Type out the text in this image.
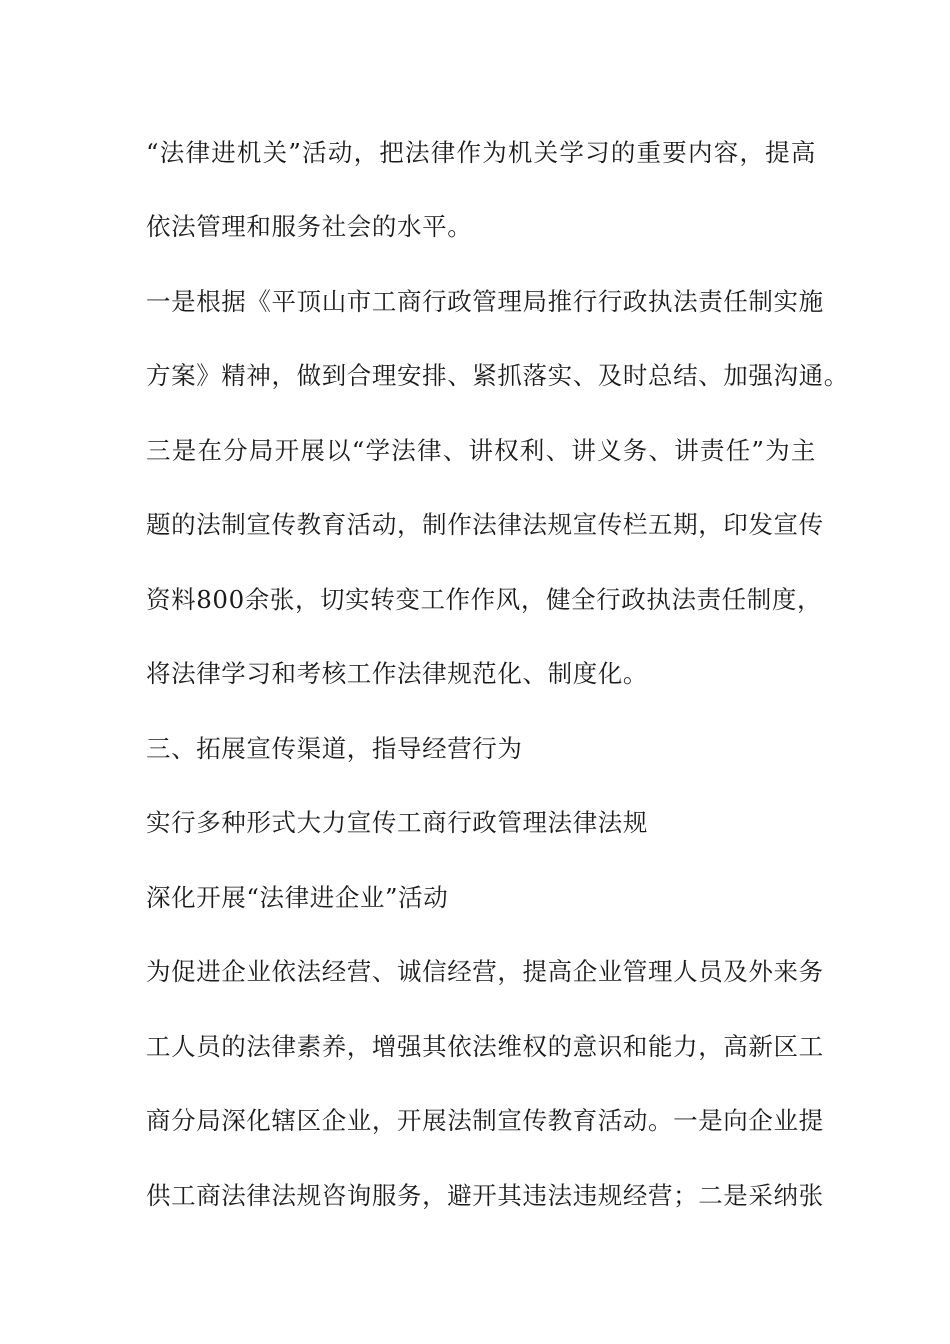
“法律进机关”活动，把法律作为机关学习的重要内容，提高
依法管理和服务社会的水平。
一是根据《平顶山市工商行政管理局推行行政执法责任制实施
方案》精神，做到合理安排、紧抓落实、及时总结、加强沟通。
三是在分局开展以“学法律、讲权利、讲义务、讲责任”为主
题的法制宣传教育活动，制作法律法规宣传栏五期，印发宣传
资料800余张，切实转变工作作风，健全行政执法责任制度，
将法律学习和考核工作法律规范化、制度化。
三、拓展宣传渠道，指导经营行为
实行多种形式大力宣传工商行政管理法律法规
深化开展“法律进企业”活动
为促进企业依法经营、诚信经营，提高企业管理人员及外来务
工人员的法律素养，增强其依法维权的意识和能力，高新区工
商分局深化辖区企业，开展法制宣传教育活动。一是向企业提
供工商法律法规咨询服务，避开其违法违规经营；二是采纳张
